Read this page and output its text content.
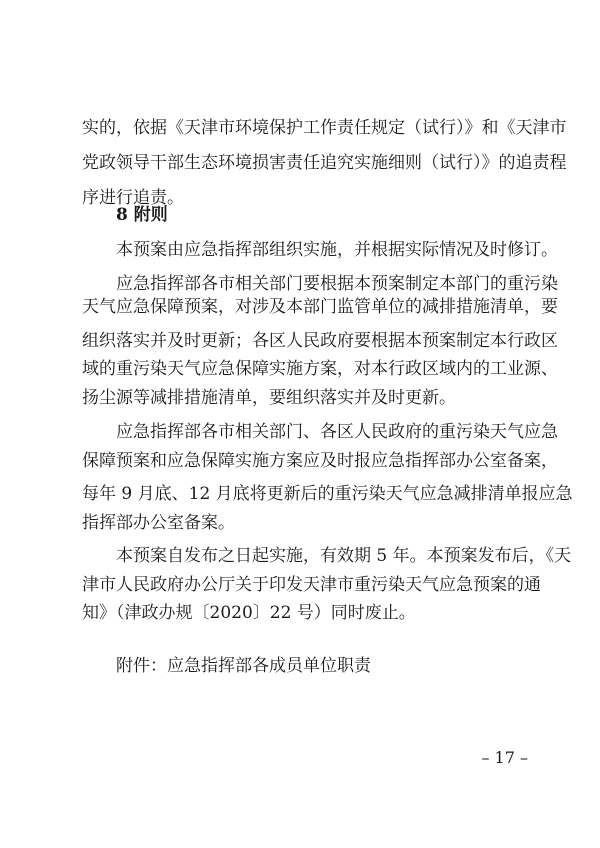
实的，依据《天津市环境保护工作责任规定（试行）》和《天津市
党政领导干部生态环境损害责任追究实施细则（试行）》的追责程
序进行追责。
8 附则
本预案由应急指挥部组织实施，并根据实际情况及时修订。
应急指挥部各市相关部门要根据本预案制定本部门的重污染
天气应急保障预案，对涉及本部门监管单位的减排措施清单，要
组织落实并及时更新；各区人民政府要根据本预案制定本行政区
域的重污染天气应急保障实施方案，对本行政区域内的工业源、
扬尘源等减排措施清单，要组织落实并及时更新。
应急指挥部各市相关部门、各区人民政府的重污染天气应急
保障预案和应急保障实施方案应及时报应急指挥部办公室备案，
每年 9 月底、12 月底将更新后的重污染天气应急减排清单报应急
指挥部办公室备案。
本预案自发布之日起实施，有效期 5 年。本预案发布后，《天
津市人民政府办公厅关于印发天津市重污染天气应急预案的通
知》（津政办规〔2020〕22 号）同时废止。
附件：应急指挥部各成员单位职责
– 17 –
